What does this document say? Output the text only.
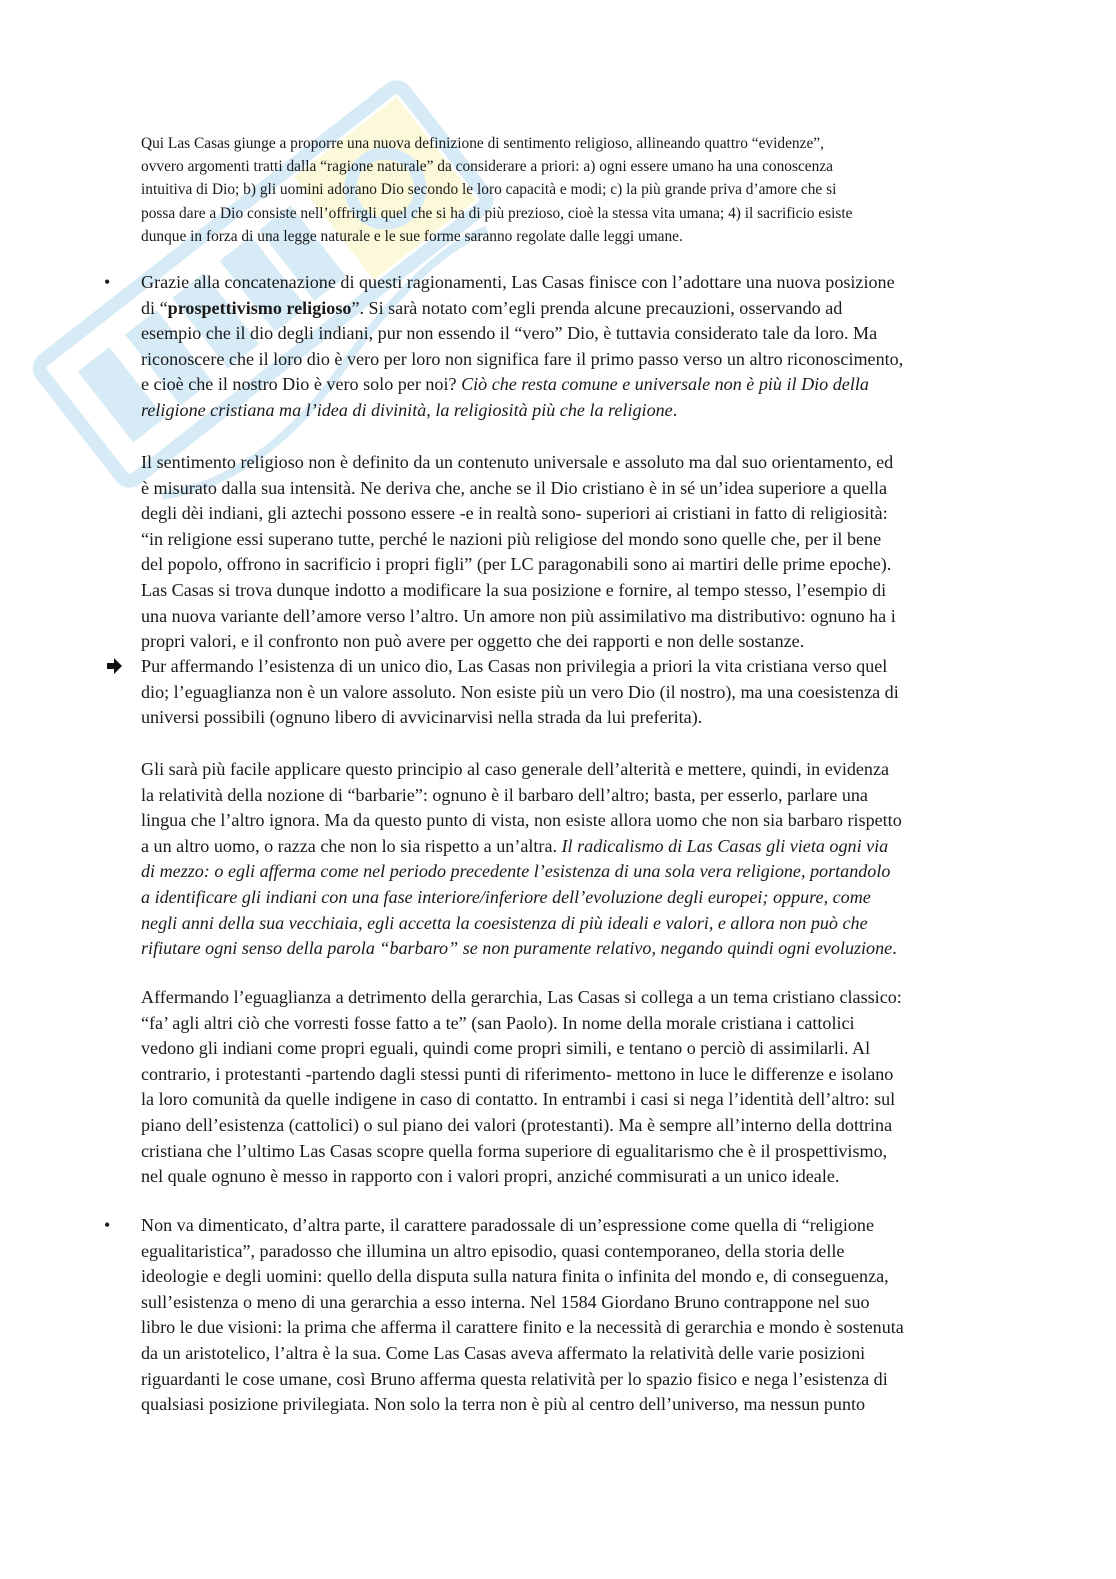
Qui Las Casas giunge a proporre una nuova definizione di sentimento religioso, allineando quattro “evidenze”,
ovvero argomenti tratti dalla “ragione naturale” da considerare a priori: a) ogni essere umano ha una conoscenza
intuitiva di Dio; b) gli uomini adorano Dio secondo le loro capacità e modi; c) la più grande priva d’amore che si
possa dare a Dio consiste nell’offrirgli quel che si ha di più prezioso, cioè la stessa vita umana; 4) il sacrificio esiste
dunque in forza di una legge naturale e le sue forme saranno regolate dalle leggi umane.
• Grazie alla concatenazione di questi ragionamenti, Las Casas finisce con l’adottare una nuova posizione
di “prospettivismo religioso”. Si sarà notato com’egli prenda alcune precauzioni, osservando ad
esempio che il dio degli indiani, pur non essendo il “vero” Dio, è tuttavia considerato tale da loro. Ma
riconoscere che il loro dio è vero per loro non significa fare il primo passo verso un altro riconoscimento,
e cioè che il nostro Dio è vero solo per noi? Ciò che resta comune e universale non è più il Dio della
religione cristiana ma l’idea di divinità, la religiosità più che la religione.
Il sentimento religioso non è definito da un contenuto universale e assoluto ma dal suo orientamento, ed
è misurato dalla sua intensità. Ne deriva che, anche se il Dio cristiano è in sé un’idea superiore a quella
degli dèi indiani, gli aztechi possono essere -e in realtà sono- superiori ai cristiani in fatto di religiosità:
“in religione essi superano tutte, perché le nazioni più religiose del mondo sono quelle che, per il bene
del popolo, offrono in sacrificio i propri figli” (per LC paragonabili sono ai martiri delle prime epoche).
Las Casas si trova dunque indotto a modificare la sua posizione e fornire, al tempo stesso, l’esempio di
una nuova variante dell’amore verso l’altro. Un amore non più assimilativo ma distributivo: ognuno ha i
propri valori, e il confronto non può avere per oggetto che dei rapporti e non delle sostanze.
Pur affermando l’esistenza di un unico dio, Las Casas non privilegia a priori la vita cristiana verso quel
dio; l’eguaglianza non è un valore assoluto. Non esiste più un vero Dio (il nostro), ma una coesistenza di
universi possibili (ognuno libero di avvicinarvisi nella strada da lui preferita).
Gli sarà più facile applicare questo principio al caso generale dell’alterità e mettere, quindi, in evidenza
la relatività della nozione di “barbarie”: ognuno è il barbaro dell’altro; basta, per esserlo, parlare una
lingua che l’altro ignora. Ma da questo punto di vista, non esiste allora uomo che non sia barbaro rispetto
a un altro uomo, o razza che non lo sia rispetto a un’altra. Il radicalismo di Las Casas gli vieta ogni via
di mezzo: o egli afferma come nel periodo precedente l’esistenza di una sola vera religione, portandolo
a identificare gli indiani con una fase interiore/inferiore dell’evoluzione degli europei; oppure, come
negli anni della sua vecchiaia, egli accetta la coesistenza di più ideali e valori, e allora non può che
rifiutare ogni senso della parola “barbaro” se non puramente relativo, negando quindi ogni evoluzione.
Affermando l’eguaglianza a detrimento della gerarchia, Las Casas si collega a un tema cristiano classico:
“fa’ agli altri ciò che vorresti fosse fatto a te” (san Paolo). In nome della morale cristiana i cattolici
vedono gli indiani come propri eguali, quindi come propri simili, e tentano o perciò di assimilarli. Al
contrario, i protestanti -partendo dagli stessi punti di riferimento- mettono in luce le differenze e isolano
la loro comunità da quelle indigene in caso di contatto. In entrambi i casi si nega l’identità dell’altro: sul
piano dell’esistenza (cattolici) o sul piano dei valori (protestanti). Ma è sempre all’interno della dottrina
cristiana che l’ultimo Las Casas scopre quella forma superiore di egualitarismo che è il prospettivismo,
nel quale ognuno è messo in rapporto con i valori propri, anziché commisurati a un unico ideale.
• Non va dimenticato, d’altra parte, il carattere paradossale di un’espressione come quella di “religione
egualitaristica”, paradosso che illumina un altro episodio, quasi contemporaneo, della storia delle
ideologie e degli uomini: quello della disputa sulla natura finita o infinita del mondo e, di conseguenza,
sull’esistenza o meno di una gerarchia a esso interna. Nel 1584 Giordano Bruno contrappone nel suo
libro le due visioni: la prima che afferma il carattere finito e la necessità di gerarchia e mondo è sostenuta
da un aristotelico, l’altra è la sua. Come Las Casas aveva affermato la relatività delle varie posizioni
riguardanti le cose umane, così Bruno afferma questa relatività per lo spazio fisico e nega l’esistenza di
qualsiasi posizione privilegiata. Non solo la terra non è più al centro dell’universo, ma nessun punto
